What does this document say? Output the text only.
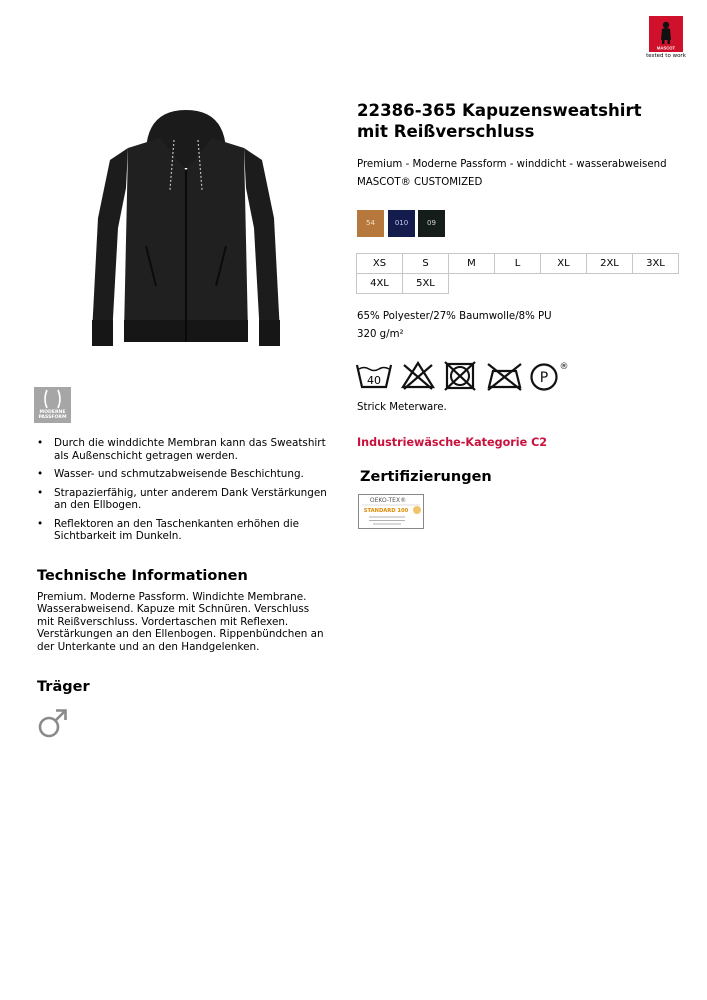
MASCOT
tested to work
MODERNE
PASSFORM
• Durch die winddichte Membran kann das Sweatshirt als Außenschicht getragen werden.
• Wasser- und schmutzabweisende Beschichtung.
• Strapazierfähig, unter anderem Dank Verstärkungen an den Ellbogen.
• Reflektoren an den Taschenkanten erhöhen die Sichtbarkeit im Dunkeln.
Technische Informationen
Premium. Moderne Passform. Windichte Membrane. Wasserabweisend. Kapuze mit Schnüren. Verschluss mit Reißverschluss. Vordertaschen mit Reflexen. Verstärkungen an den Ellenbogen. Rippenbündchen an der Unterkante und an den Handgelenken.
Träger
22386-365 Kapuzensweatshirt mit Reißverschluss
Premium - Moderne Passform - winddicht - wasserabweisend
MASCOT® CUSTOMIZED
54	010	09
XS	S	M	L	XL	2XL	3XL
4XL	5XL					
65% Polyester/27% Baumwolle/8% PU
320 g/m²
40	P
®
Strick Meterware.
Industriewäsche-Kategorie C2
Zertifizierungen
OEKO-TEX®
STANDARD 100
